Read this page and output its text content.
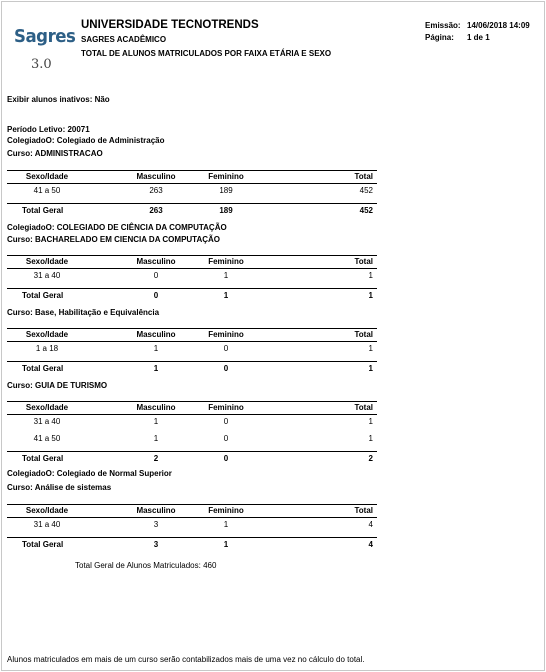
Sagres
3.0
UNIVERSIDADE TECNOTRENDS
SAGRES ACADÊMICO
TOTAL DE ALUNOS MATRICULADOS POR FAIXA ETÁRIA E SEXO
Emissão: 14/06/2018 14:09
Página: 1 de 1
Exibir alunos inativos: Não
Período Letivo: 20071
ColegiadoO: Colegiado de Administração
Curso: ADMINISTRACAO
Sexo/Idade	Masculino	Feminino	Total
41 a 50	263	189	452
Total Geral	263	189	452
ColegiadoO: COLEGIADO DE CIÊNCIA DA COMPUTAÇÃO
Curso: BACHARELADO EM CIENCIA DA COMPUTAÇÃO
Sexo/Idade	Masculino	Feminino	Total
31 a 40	0	1	1
Total Geral	0	1	1
Curso: Base, Habilitação e Equivalência
Sexo/Idade	Masculino	Feminino	Total
1 a 18	1	0	1
Total Geral	1	0	1
Curso: GUIA DE TURISMO
Sexo/Idade	Masculino	Feminino	Total
31 a 40	1	0	1
41 a 50	1	0	1
Total Geral	2	0	2
ColegiadoO: Colegiado de Normal Superior
Curso: Análise de sistemas
Sexo/Idade	Masculino	Feminino	Total
31 a 40	3	1	4
Total Geral	3	1	4
Total Geral de Alunos Matriculados: 460
Alunos matriculados em mais de um curso serão contabilizados mais de uma vez no cálculo do total.
